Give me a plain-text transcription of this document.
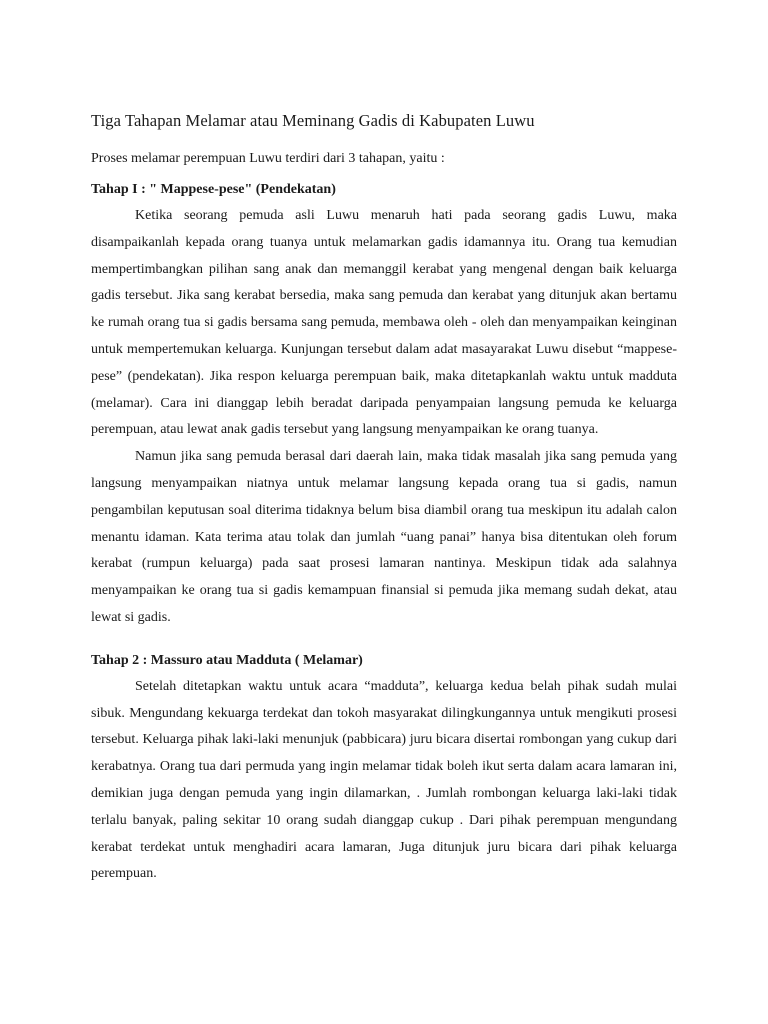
Tiga Tahapan Melamar atau Meminang Gadis di Kabupaten Luwu
Proses melamar perempuan Luwu terdiri dari 3 tahapan, yaitu :
Tahap I : " Mappese-pese" (Pendekatan)

Ketika seorang pemuda asli Luwu menaruh hati pada seorang gadis Luwu, maka disampaikanlah kepada orang tuanya untuk melamarkan gadis idamannya itu. Orang tua kemudian mempertimbangkan pilihan sang anak dan memanggil kerabat yang mengenal dengan baik keluarga gadis tersebut. Jika sang kerabat bersedia, maka sang pemuda dan kerabat yang ditunjuk akan bertamu ke rumah orang tua si gadis bersama sang pemuda, membawa oleh - oleh dan menyampaikan keinginan untuk mempertemukan keluarga. Kunjungan tersebut dalam adat masayarakat Luwu disebut “mappese- pese” (pendekatan). Jika respon keluarga perempuan baik, maka ditetapkanlah waktu untuk madduta (melamar). Cara ini dianggap lebih beradat daripada penyampaian langsung pemuda ke keluarga perempuan, atau lewat anak gadis tersebut yang langsung menyampaikan ke orang tuanya.

Namun jika sang pemuda berasal dari daerah lain, maka tidak masalah jika sang pemuda yang langsung menyampaikan niatnya untuk melamar langsung kepada orang tua si gadis, namun pengambilan keputusan soal diterima tidaknya belum bisa diambil orang tua meskipun itu adalah calon menantu idaman. Kata terima atau tolak dan jumlah “uang panai” hanya bisa ditentukan oleh forum kerabat (rumpun keluarga) pada saat prosesi lamaran nantinya. Meskipun tidak ada salahnya menyampaikan ke orang tua si gadis kemampuan finansial si pemuda jika memang sudah dekat, atau lewat si gadis.

Tahap 2 : Massuro atau Madduta ( Melamar)

Setelah ditetapkan waktu untuk acara “madduta”, keluarga kedua belah pihak sudah mulai sibuk. Mengundang kekuarga terdekat dan tokoh masyarakat dilingkungannya untuk mengikuti prosesi tersebut. Keluarga pihak laki-laki menunjuk (pabbicara) juru bicara disertai rombongan yang cukup dari kerabatnya. Orang tua dari permuda yang ingin melamar tidak boleh ikut serta dalam acara lamaran ini, demikian juga dengan pemuda yang ingin dilamarkan, . Jumlah rombongan keluarga laki-laki tidak terlalu banyak, paling sekitar 10 orang sudah dianggap cukup . Dari pihak perempuan mengundang kerabat terdekat untuk menghadiri acara lamaran, Juga ditunjuk juru bicara dari pihak keluarga perempuan.
